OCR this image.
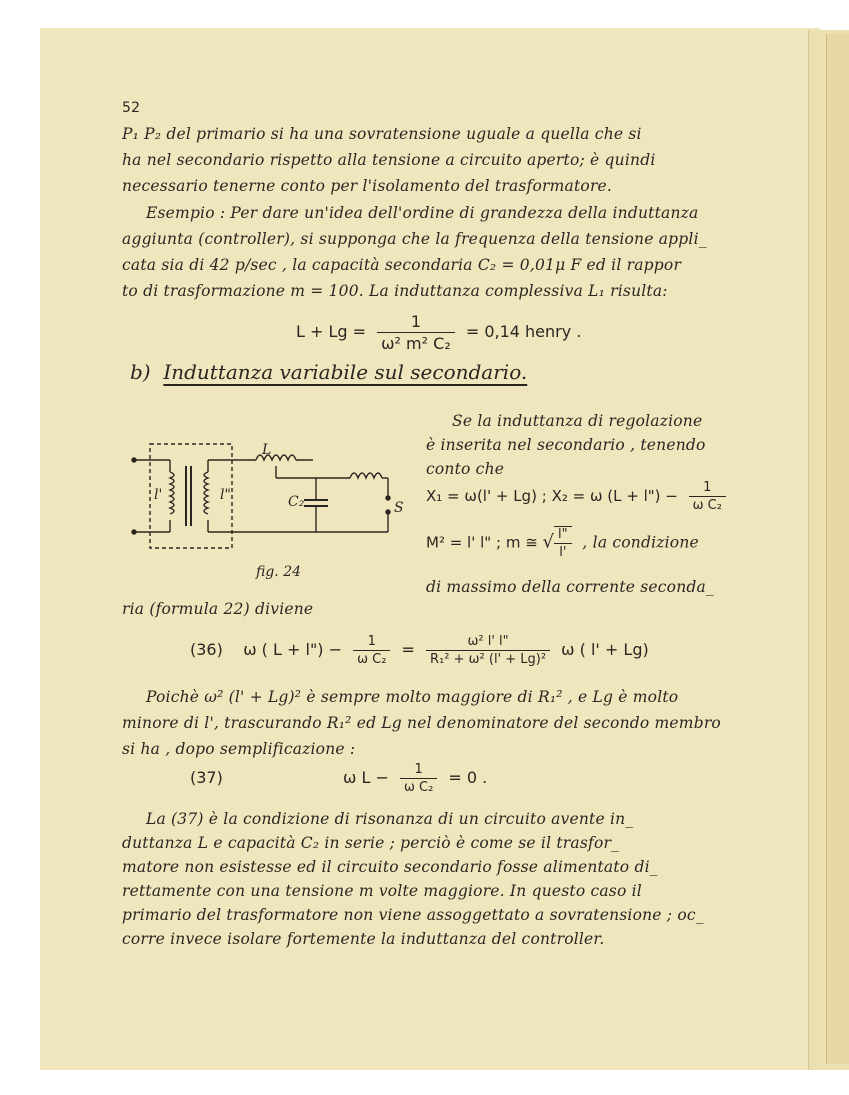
52
P₁ P₂ del primario si ha una sovratensione uguale a quella che si
ha nel secondario rispetto alla tensione a circuito aperto; è quindi
necessario tenerne conto per l'isolamento del trasformatore.
Esempio : Per dare un'idea dell'ordine di grandezza della induttanza
aggiunta (controller), si supponga che la frequenza della tensione appli_
cata sia di 42 p/sec , la capacità secondaria C₂ = 0,01μ F ed il rappor
to di trasformazione m = 100. La induttanza complessiva L₁ risulta:
$L + Lg = \frac{1}{\text{ω² m² C₂}} = 0,14$ henry .
b) Induttanza variabile sul secondario.
L
l'	l"	C₂	S
fig. 24
Se la induttanza di regolazione
è inserita nel secondario , tenendo
conto che
X₁ = ω(l' + Lg) ; X₂ = ω (L + l") − $\frac{1}{\text{ω C₂}}$
M² = l' l" ; m ≅ √ $\frac{l"}{l'}$ , la condizione
di massimo della corrente seconda_
ria (formula 22) diviene
(36) ω ( L + l") − $\frac{1}{\text{ω C₂}} = \frac{\text{ω² l' l"}}{\text{R₁² + ω² (l' + Lg)²}}$ ω ( l' + Lg)
Poichè ω² (l' + Lg)² è sempre molto maggiore di R₁² , e Lg è molto
minore di l', trascurando R₁² ed Lg nel denominatore del secondo membro
si ha , dopo semplificazione :
(37)	ω $L - \frac{1}{\text{ω C₂}} = 0$ .
La (37) è la condizione di risonanza di un circuito avente in_
duttanza L e capacità C₂ in serie ; perciò è come se il trasfor_
matore non esistesse ed il circuito secondario fosse alimentato di_
rettamente con una tensione m volte maggiore. In questo caso il
primario del trasformatore non viene assoggettato a sovratensione ; oc_
corre invece isolare fortemente la induttanza del controller.
